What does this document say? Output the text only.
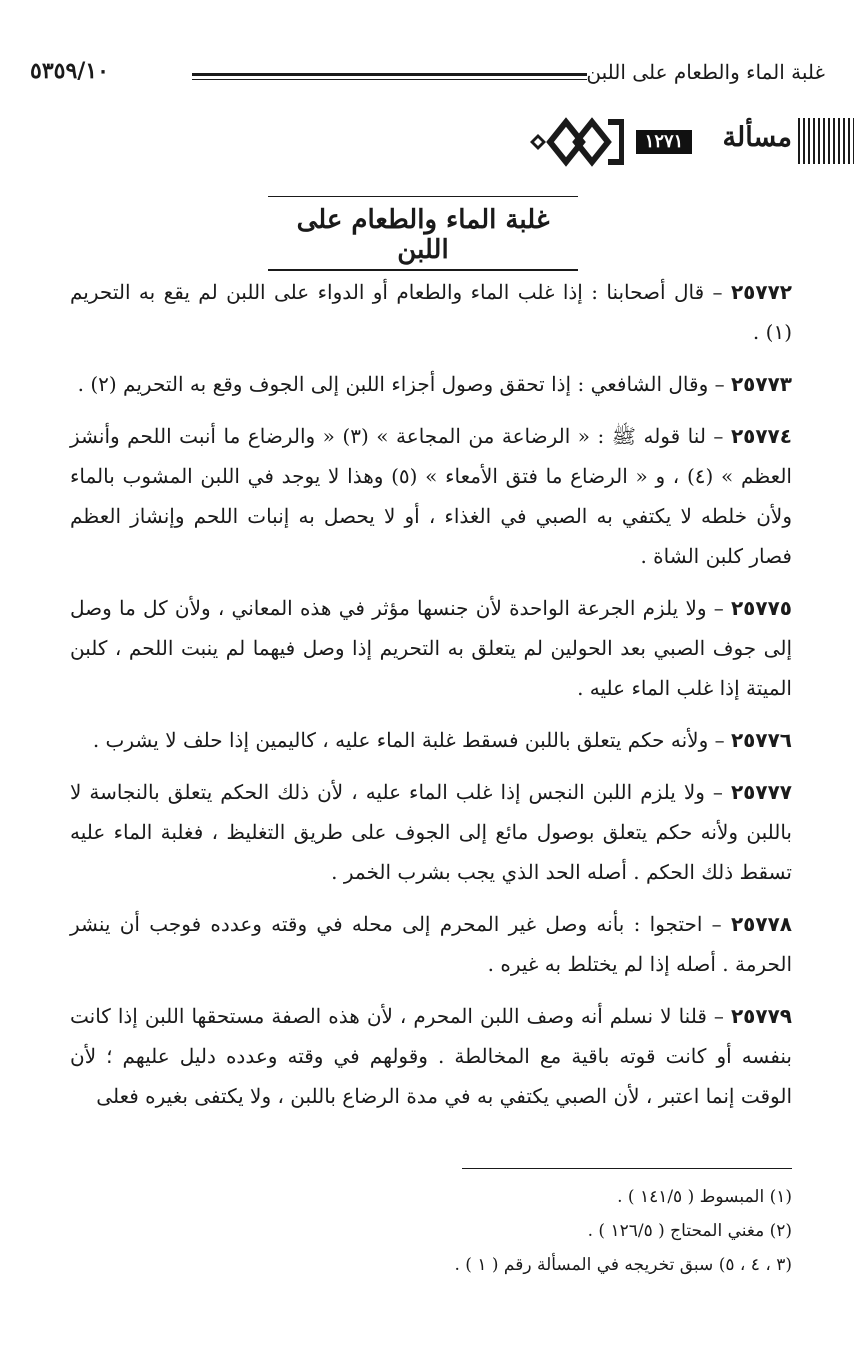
غلبة الماء والطعام على اللبن
٥٣٥٩/١٠
مسألة
١٢٧١
غلبة الماء والطعام على اللبن

٢٥٧٧٢ – قال أصحابنا : إذا غلب الماء والطعام أو الدواء على اللبن لم يقع به التحريم (١) .

٢٥٧٧٣ – وقال الشافعي : إذا تحقق وصول أجزاء اللبن إلى الجوف وقع به التحريم (٢) .

٢٥٧٧٤ – لنا قوله ﷺ : « الرضاعة من المجاعة » (٣) « والرضاع ما أنبت اللحم وأنشز العظم » (٤) ، و « الرضاع ما فتق الأمعاء » (٥) وهذا لا يوجد في اللبن المشوب بالماء ولأن خلطه لا يكتفي به الصبي في الغذاء ، أو لا يحصل به إنبات اللحم وإنشاز العظم فصار كلبن الشاة .

٢٥٧٧٥ – ولا يلزم الجرعة الواحدة لأن جنسها مؤثر في هذه المعاني ، ولأن كل ما وصل إلى جوف الصبي بعد الحولين لم يتعلق به التحريم إذا وصل فيهما لم ينبت اللحم ، كلبن الميتة إذا غلب الماء عليه .

٢٥٧٧٦ – ولأنه حكم يتعلق باللبن فسقط غلبة الماء عليه ، كاليمين إذا حلف لا يشرب .

٢٥٧٧٧ – ولا يلزم اللبن النجس إذا غلب الماء عليه ، لأن ذلك الحكم يتعلق بالنجاسة لا باللبن ولأنه حكم يتعلق بوصول مائع إلى الجوف على طريق التغليظ ، فغلبة الماء عليه تسقط ذلك الحكم . أصله الحد الذي يجب بشرب الخمر .

٢٥٧٧٨ – احتجوا : بأنه وصل غير المحرم إلى محله في وقته وعدده فوجب أن ينشر الحرمة . أصله إذا لم يختلط به غيره .

٢٥٧٧٩ – قلنا لا نسلم أنه وصف اللبن المحرم ، لأن هذه الصفة مستحقها اللبن إذا كانت بنفسه أو كانت قوته باقية مع المخالطة . وقولهم في وقته وعدده دليل عليهم ؛ لأن الوقت إنما اعتبر ، لأن الصبي يكتفي به في مدة الرضاع باللبن ، ولا يكتفى بغيره فعلى

(١) المبسوط ( ١٤١/٥ ) .
(٢) مغني المحتاج ( ١٢٦/٥ ) .
(٣ ، ٤ ، ٥) سبق تخريجه في المسألة رقم ( ١ ) .
